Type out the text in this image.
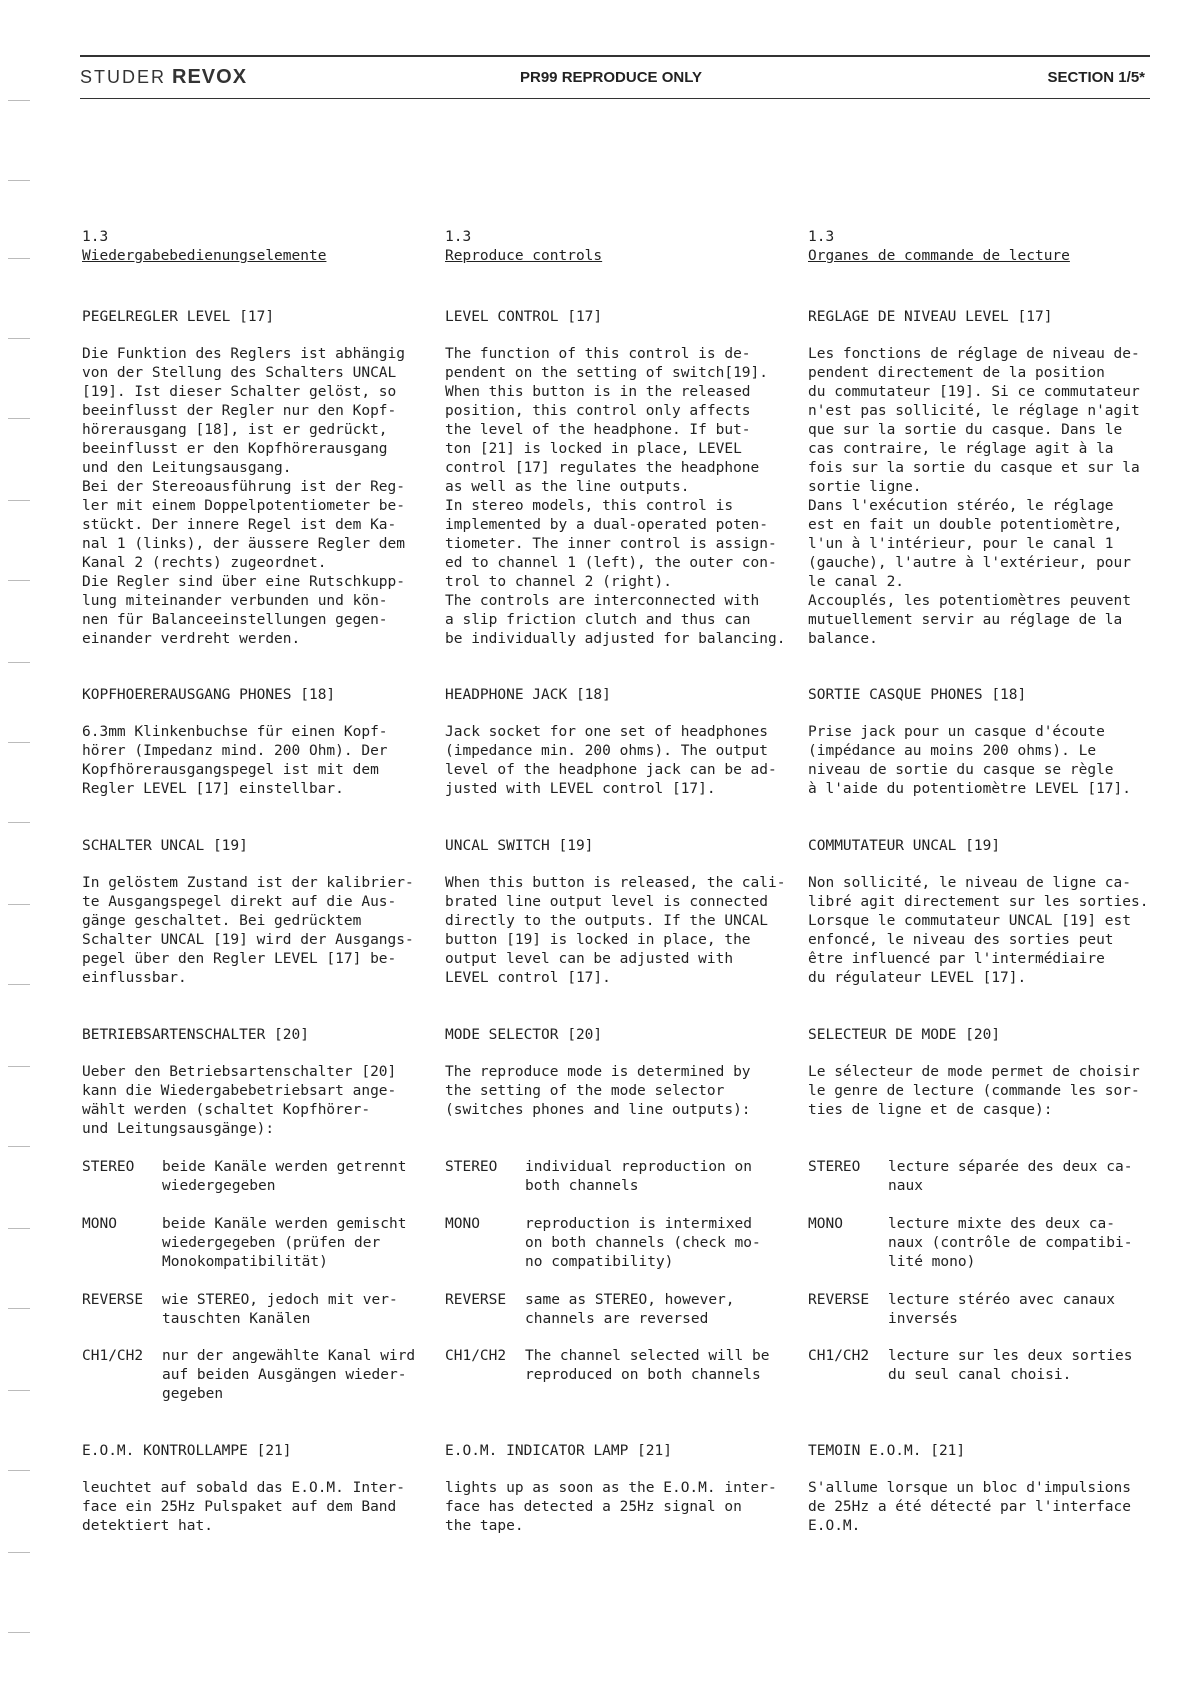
STUDER REVOX	PR99 REPRODUCE ONLY	SECTION 1/5*
1.3
Wiedergabebedienungselemente
PEGELREGLER LEVEL [17]
Die Funktion des Reglers ist abhängig
von der Stellung des Schalters UNCAL
[19]. Ist dieser Schalter gelöst, so
beeinflusst der Regler nur den Kopf-
hörerausgang [18], ist er gedrückt,
beeinflusst er den Kopfhörerausgang
und den Leitungsausgang.
Bei der Stereoausführung ist der Reg-
ler mit einem Doppelpotentiometer be-
stückt. Der innere Regel ist dem Ka-
nal 1 (links), der äussere Regler dem
Kanal 2 (rechts) zugeordnet.
Die Regler sind über eine Rutschkupp-
lung miteinander verbunden und kön-
nen für Balanceeinstellungen gegen-
einander verdreht werden.
KOPFHOERERAUSGANG PHONES [18]
6.3mm Klinkenbuchse für einen Kopf-
hörer (Impedanz mind. 200 Ohm). Der
Kopfhörerausgangspegel ist mit dem
Regler LEVEL [17] einstellbar.
SCHALTER UNCAL [19]
In gelöstem Zustand ist der kalibrier-
te Ausgangspegel direkt auf die Aus-
gänge geschaltet. Bei gedrücktem
Schalter UNCAL [19] wird der Ausgangs-
pegel über den Regler LEVEL [17] be-
einflussbar.
BETRIEBSARTENSCHALTER [20]
Ueber den Betriebsartenschalter [20]
kann die Wiedergabebetriebsart ange-
wählt werden (schaltet Kopfhörer-
und Leitungsausgänge):
STEREO beide Kanäle werden getrennt
wiedergegeben
MONO	beide Kanäle werden gemischt
wiedergegeben (prüfen der
Monokompatibilität)
REVERSE wie STEREO, jedoch mit ver-
tauschten Kanälen
CH1/CH2 nur der angewählte Kanal wird
auf beiden Ausgängen wieder-
gegeben
E.O.M. KONTROLLAMPE [21]
leuchtet auf sobald das E.O.M. Inter-
face ein 25Hz Pulspaket auf dem Band
detektiert hat.
1.3
Reproduce controls
LEVEL CONTROL [17]
The function of this control is de-
pendent on the setting of switch[19].
When this button is in the released
position, this control only affects
the level of the headphone. If but-
ton [21] is locked in place, LEVEL
control [17] regulates the headphone
as well as the line outputs.
In stereo models, this control is
implemented by a dual-operated poten-
tiometer. The inner control is assign-
ed to channel 1 (left), the outer con-
trol to channel 2 (right).
The controls are interconnected with
a slip friction clutch and thus can
be individually adjusted for balancing.
HEADPHONE JACK [18]
Jack socket for one set of headphones
(impedance min. 200 ohms). The output
level of the headphone jack can be ad-
justed with LEVEL control [17].
UNCAL SWITCH [19]
When this button is released, the cali-
brated line output level is connected
directly to the outputs. If the UNCAL
button [19] is locked in place, the
output level can be adjusted with
LEVEL control [17].
MODE SELECTOR [20]
The reproduce mode is determined by
the setting of the mode selector
(switches phones and line outputs):
STEREO individual reproduction on
both channels
MONO	reproduction is intermixed
on both channels (check mo-
no compatibility)
REVERSE same as STEREO, however,
channels are reversed
CH1/CH2 The channel selected will be
reproduced on both channels
E.O.M. INDICATOR LAMP [21]
lights up as soon as the E.O.M. inter-
face has detected a 25Hz signal on
the tape.
1.3
Organes de commande de lecture
REGLAGE DE NIVEAU LEVEL [17]
Les fonctions de réglage de niveau de-
pendent directement de la position
du commutateur [19]. Si ce commutateur
n'est pas sollicité, le réglage n'agit
que sur la sortie du casque. Dans le
cas contraire, le réglage agit à la
fois sur la sortie du casque et sur la
sortie ligne.
Dans l'exécution stéréo, le réglage
est en fait un double potentiomètre,
l'un à l'intérieur, pour le canal 1
(gauche), l'autre à l'extérieur, pour
le canal 2.
Accouplés, les potentiomètres peuvent
mutuellement servir au réglage de la
balance.
SORTIE CASQUE PHONES [18]
Prise jack pour un casque d'écoute
(impédance au moins 200 ohms). Le
niveau de sortie du casque se règle
à l'aide du potentiomètre LEVEL [17].
COMMUTATEUR UNCAL [19]
Non sollicité, le niveau de ligne ca-
libré agit directement sur les sorties.
Lorsque le commutateur UNCAL [19] est
enfoncé, le niveau des sorties peut
être influencé par l'intermédiaire
du régulateur LEVEL [17].
SELECTEUR DE MODE [20]
Le sélecteur de mode permet de choisir
le genre de lecture (commande les sor-
ties de ligne et de casque):
STEREO lecture séparée des deux ca-
naux
MONO	lecture mixte des deux ca-
naux (contrôle de compatibi-
lité mono)
REVERSE lecture stéréo avec canaux
inversés
CH1/CH2 lecture sur les deux sorties
du seul canal choisi.
TEMOIN E.O.M. [21]
S'allume lorsque un bloc d'impulsions
de 25Hz a été détecté par l'interface
E.O.M.
